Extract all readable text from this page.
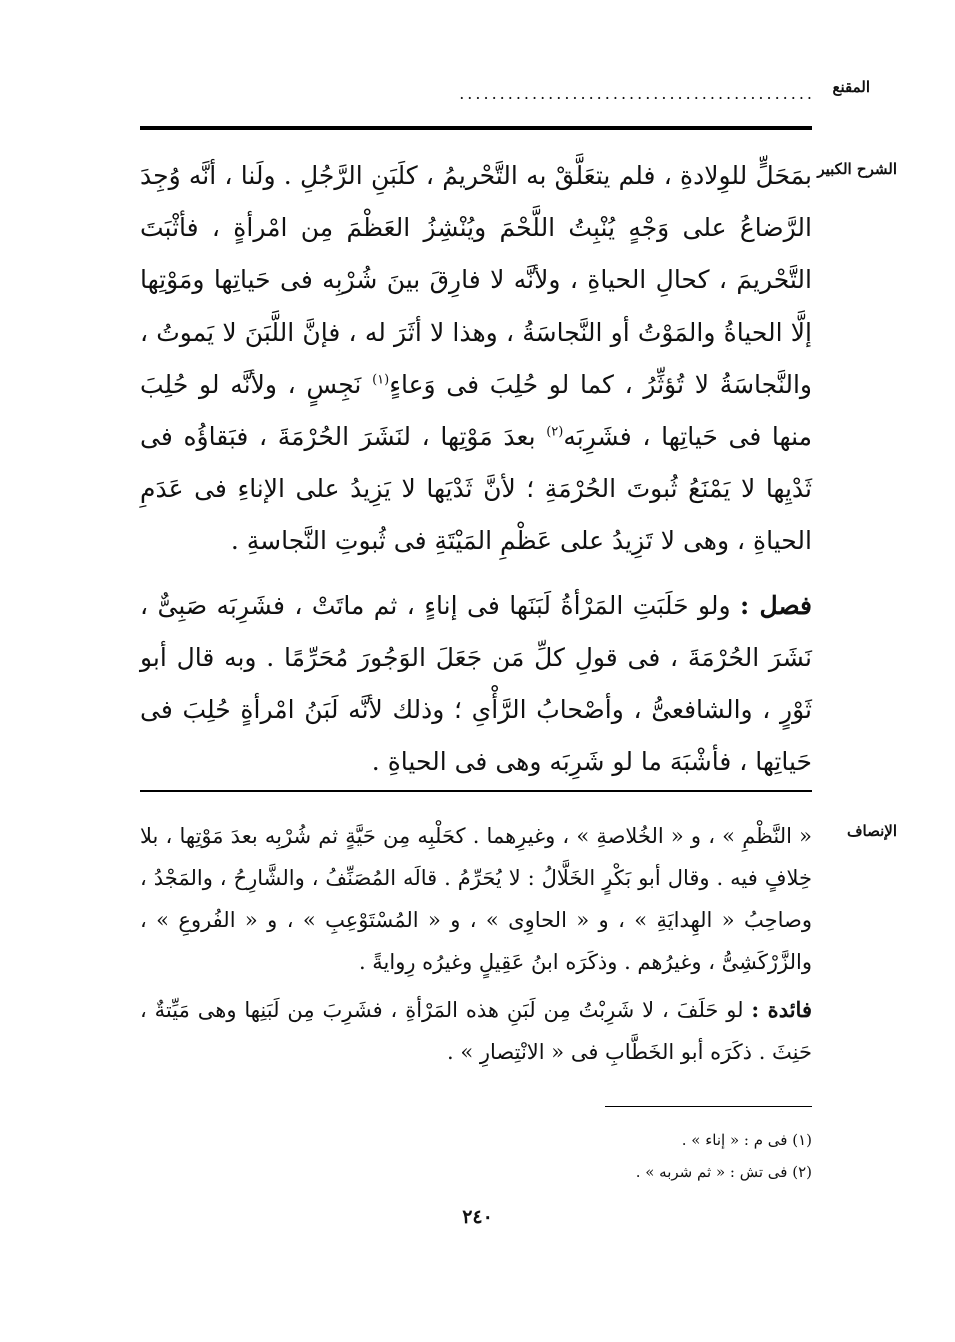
المقنع
............................................
الشرح الكبير

بمَحَلٍّ للوِلادةِ ، فلم يتعَلَّقْ به التَّحْريمُ ، كلَبَنِ الرَّجُلِ . ولَنا ، أنَّه وُجِدَ الرَّضاعُ على وَجْهٍ يُنْبِتُ اللَّحْمَ ويُنْشِزُ العَظْمَ مِن امْرأةٍ ، فأثْبَتَ التَّحْريمَ ، كحالِ الحياةِ ، ولأنَّه لا فارِقَ بينَ شُرْبِه فى حَياتِها ومَوْتِها إلَّا الحياةُ والمَوْتُ أو النَّجاسَةُ ، وهذا لا أثَرَ له ، فإنَّ اللَّبَنَ لا يَموتُ ، والنَّجاسَةُ لا تُؤثِّرُ ، كما لو حُلِبَ فى وَعاءٍ$^{(١)}$ نَجِسٍ ، ولأنَّه لو حُلِبَ منها فى حَياتِها ، فشَرِبَه$^{(٢)}$ بعدَ مَوْتِها ، لنَشَرَ الحُرْمَةَ ، فبَقاؤُه فى ثَدْيِها لا يَمْنَعُ ثُبوتَ الحُرْمَةِ ؛ لأنَّ ثَدْيَها لا يَزِيدُ على الإناءِ فى عَدَمِ الحياةِ ، وهى لا تَزِيدُ على عَظْمِ المَيْتَةِ فى ثُبوتِ النَّجاسةِ .

فصل : ولو حَلَبَتِ المَرْأةُ لَبَنَها فى إناءٍ ، ثم ماتَتْ ، فشَرِبَه صَبِىٌّ ، نَشَرَ الحُرْمَةَ ، فى قولِ كلِّ مَن جَعَلَ الوَجُورَ مُحَرِّمًا . وبه قال أبو ثَوْرٍ ، والشافعىُّ ، وأصْحابُ الرَّأْىِ ؛ وذلك لأنَّه لَبَنُ امْرأةٍ حُلِبَ فى حَياتِها ، فأشْبَهَ ما لو شَرِبَه وهى فى الحياةِ .

الإنصاف

« النَّظْمِ » ، و « الخُلاصةِ » ، وغيرِهما . كحَلْبِه مِن حَيَّةٍ ثم شُرْبِه بعدَ مَوْتِها ، بلا خِلافٍ فيه . وقال أبو بَكْرٍ الخَلَّالُ : لا يُحَرِّمُ . قالَه المُصَنِّفُ ، والشَّارِحُ ، والمَجْدُ ، وصاحِبُ « الهِدايَةِ » ، و « الحاوِى » ، و « المُسْتَوْعِبِ » ، و « الفُروعِ » ، والزَّرْكَشِىُّ ، وغيرُهم . وذكَرَه ابنُ عَقِيلٍ وغيرُه رِوايةً .

فائدة : لو حَلَفَ ، لا شَرِبْتُ مِن لَبَنِ هذه المَرْأةِ ، فشَرِبَ مِن لَبَنِها وهى مَيِّتةٌ ، حَنِثَ . ذكَرَه أبو الخَطَّابِ فى « الانْتِصارِ » .

(١) فى م : « إناء » .
(٢) فى تش : « ثم شربه » .
٢٤٠
